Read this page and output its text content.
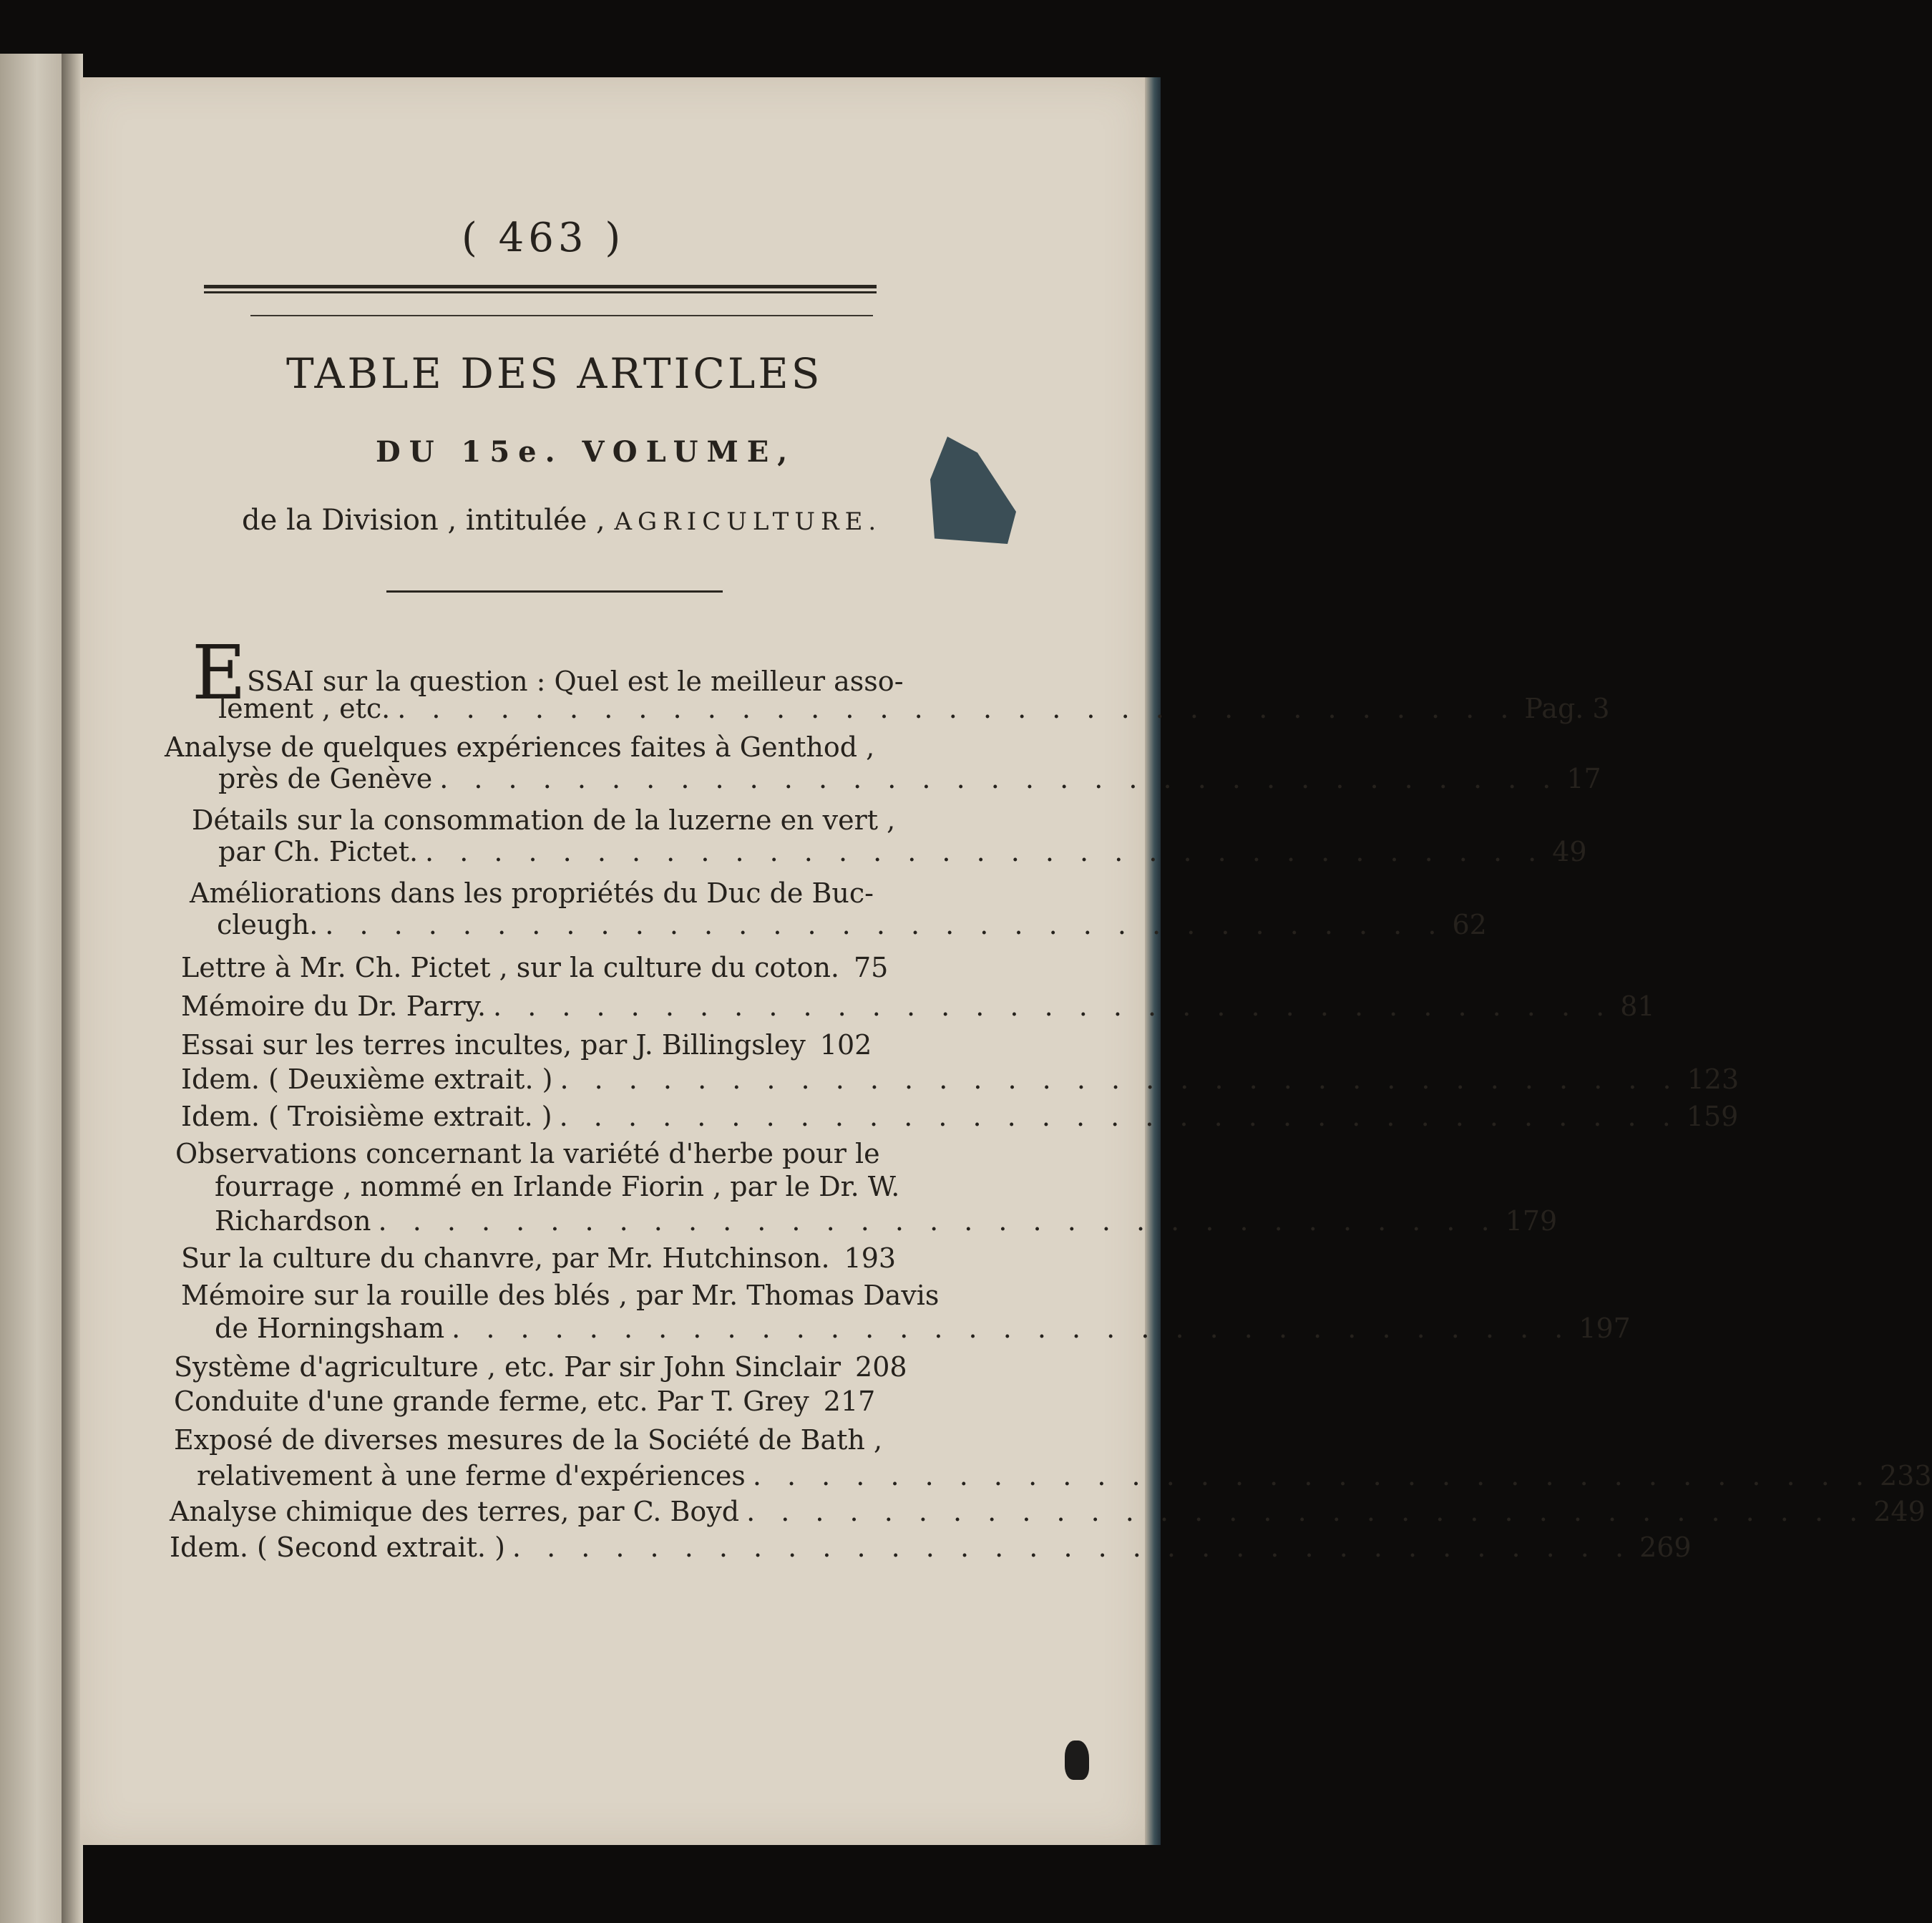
( 463 )
TABLE DES ARTICLES
DU 15e. VOLUME,
de la Division , intitulée , AGRICULTURE.
E SSAI sur la question : Quel est le meilleur asso-
lement , etc. . . . . . . . . . . . . . . . . . . . . . . . . . . . . . . . . . Pag. 3
Analyse de quelques expériences faites à Genthod ,
près de Genève . . . . . . . . . . . . . . . . . . . . . . . . . . . . . . . . . 17
Détails sur la consommation de la luzerne en vert ,
par Ch. Pictet. . . . . . . . . . . . . . . . . . . . . . . . . . . . . . . . . . 49
Améliorations dans les propriétés du Duc de Buc-
cleugh. . . . . . . . . . . . . . . . . . . . . . . . . . . . . . . . . . 62
Lettre à Mr. Ch. Pictet , sur la culture du coton. 75
Mémoire du Dr. Parry. . . . . . . . . . . . . . . . . . . . . . . . . . . . . . . . . . 81
Essai sur les terres incultes, par J. Billingsley 102
Idem. ( Deuxième extrait. ) . . . . . . . . . . . . . . . . . . . . . . . . . . . . . . . . . 123
Idem. ( Troisième extrait. ) . . . . . . . . . . . . . . . . . . . . . . . . . . . . . . . . . 159
Observations concernant la variété d'herbe pour le
fourrage , nommé en Irlande Fiorin , par le Dr. W.
Richardson . . . . . . . . . . . . . . . . . . . . . . . . . . . . . . . . . 179
Sur la culture du chanvre, par Mr. Hutchinson. 193
Mémoire sur la rouille des blés , par Mr. Thomas Davis
de Horningsham . . . . . . . . . . . . . . . . . . . . . . . . . . . . . . . . . 197
Système d'agriculture , etc. Par sir John Sinclair 208
Conduite d'une grande ferme, etc. Par T. Grey 217
Exposé de diverses mesures de la Société de Bath ,
relativement à une ferme d'expériences . . . . . . . . . . . . . . . . . . . . . . . . . . . . . . . . . 233
Analyse chimique des terres, par C. Boyd . . . . . . . . . . . . . . . . . . . . . . . . . . . . . . . . . 249
Idem. ( Second extrait. ) . . . . . . . . . . . . . . . . . . . . . . . . . . . . . . . . . 269
